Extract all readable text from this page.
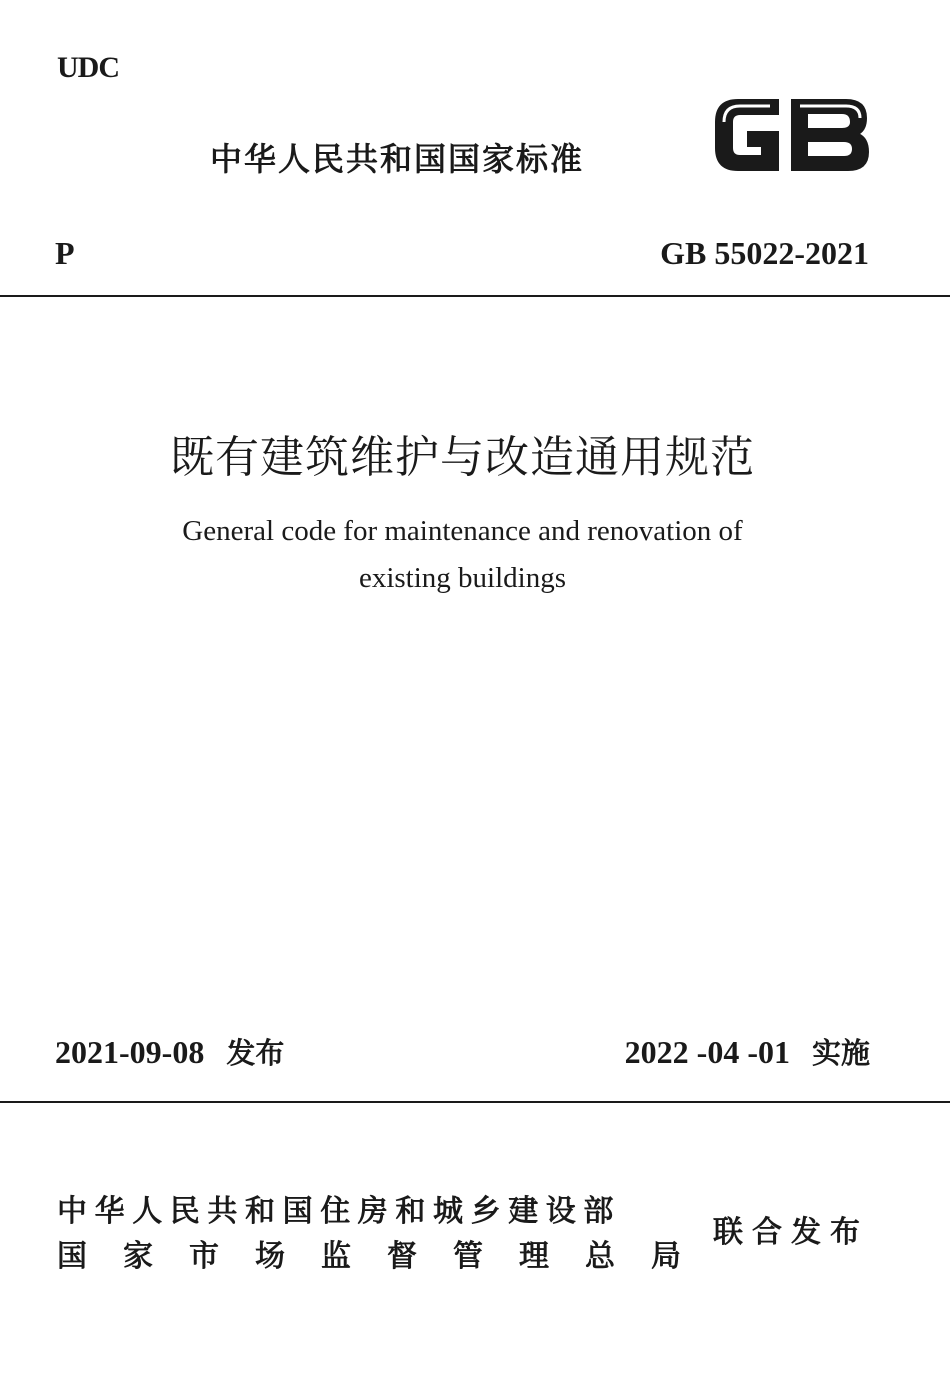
UDC
中华人民共和国国家标准
P	GB 55022-2021
既有建筑维护与改造通用规范
General code for maintenance and renovation of existing buildings
2021-09-08 发布	2022 -04 -01 实施
中华人民共和国住房和城乡建设部
国家市场监督管理总局
联合发布
